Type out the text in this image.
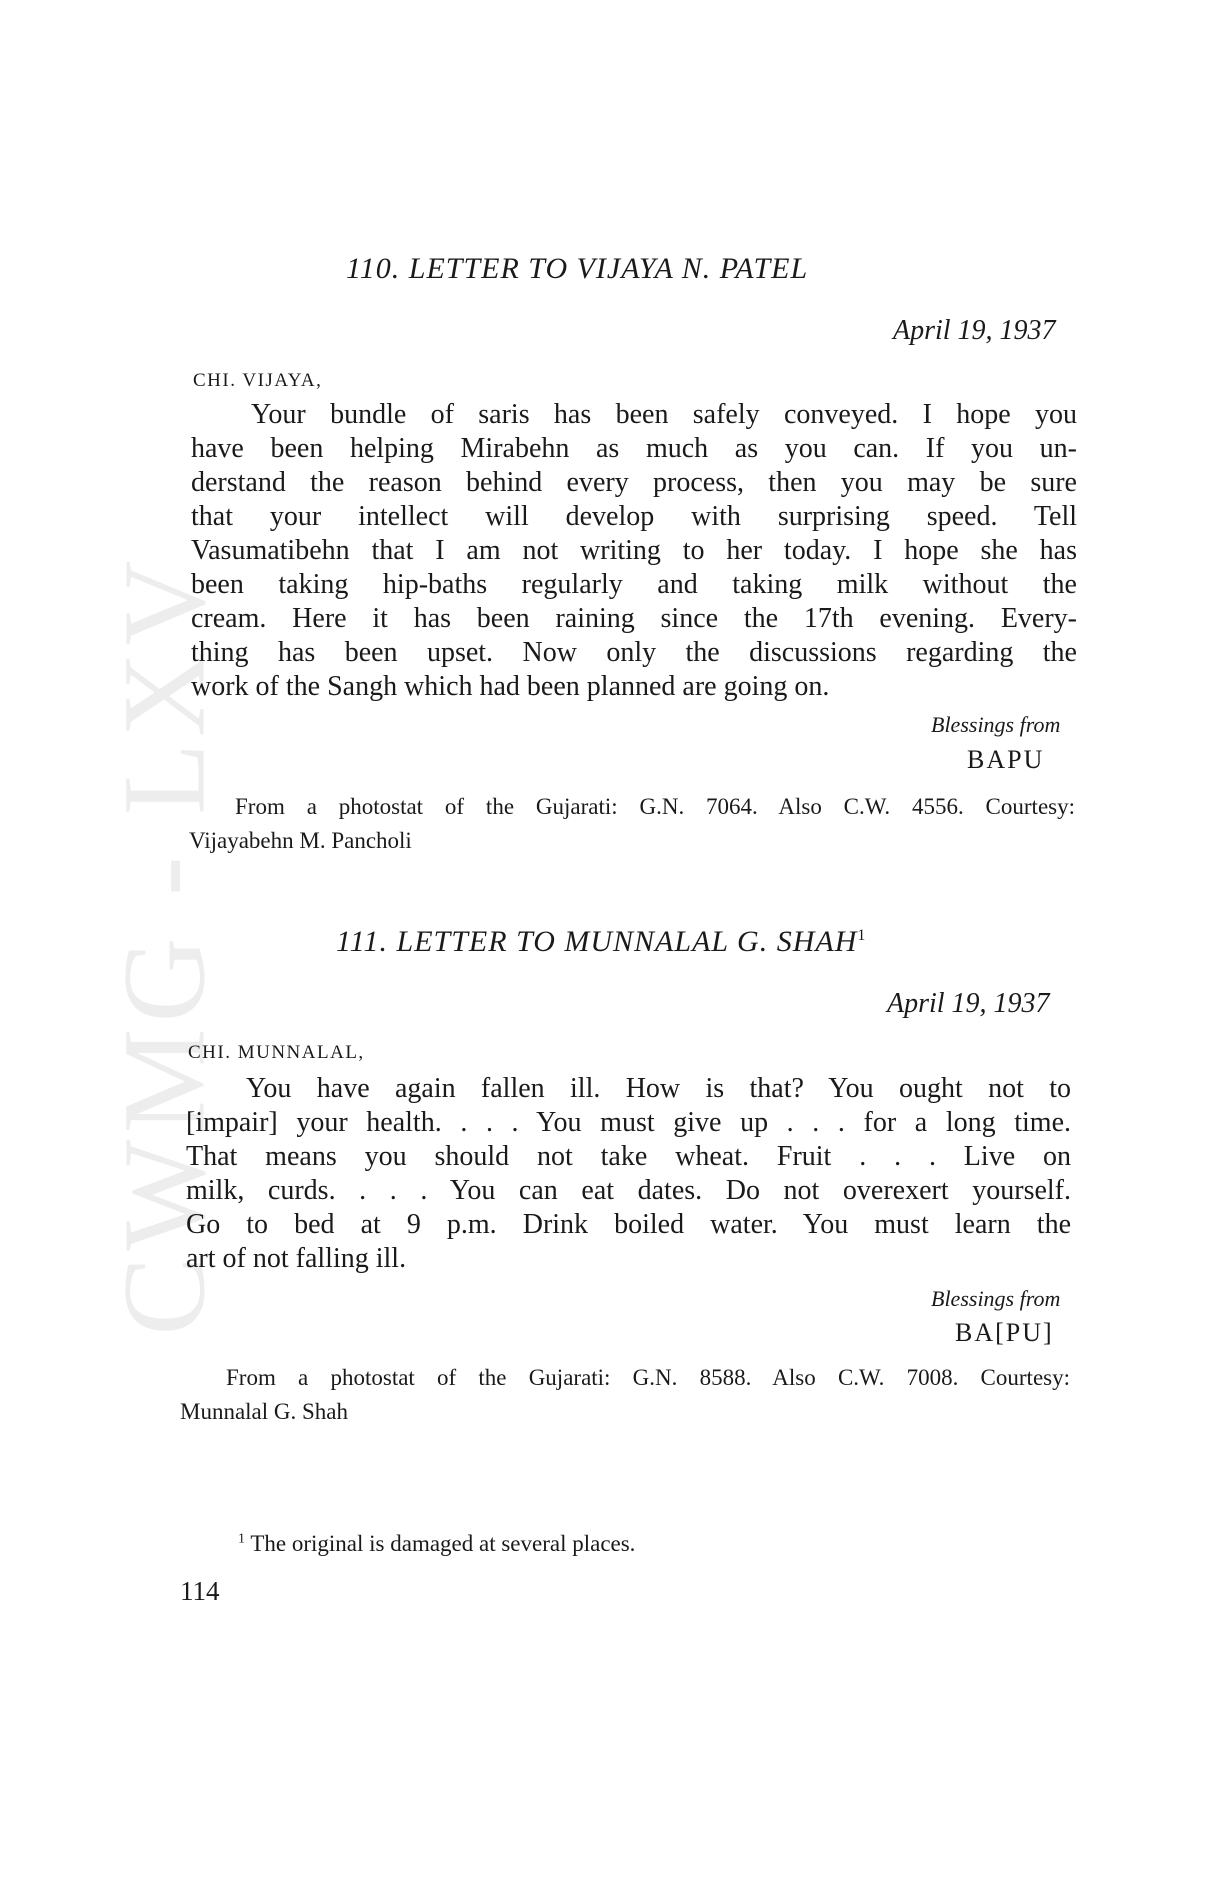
CWMG - LXV
110. LETTER TO VIJAYA N. PATEL
April 19, 1937
CHI. VIJAYA,
Your bundle of saris has been safely conveyed. I hope you
have been helping Mirabehn as much as you can. If you un-
derstand the reason behind every process, then you may be sure
that your intellect will develop with surprising speed. Tell
Vasumatibehn that I am not writing to her today. I hope she has
been taking hip-baths regularly and taking milk without the
cream. Here it has been raining since the 17th evening. Every-
thing has been upset. Now only the discussions regarding the
work of the Sangh which had been planned are going on.
Blessings from
BAPU
From a photostat of the Gujarati: G.N. 7064. Also C.W. 4556. Courtesy:
Vijayabehn M. Pancholi
111. LETTER TO MUNNALAL G. SHAH$^1$
April 19, 1937
CHI. MUNNALAL,
You have again fallen ill. How is that? You ought not to
[impair] your health. . . . You must give up . . . for a long time.
That means you should not take wheat. Fruit . . . Live on
milk, curds. . . . You can eat dates. Do not overexert yourself.
Go to bed at 9 p.m. Drink boiled water. You must learn the
art of not falling ill.
Blessings from
BA[PU]
From a photostat of the Gujarati: G.N. 8588. Also C.W. 7008. Courtesy:
Munnalal G. Shah
$^1$ The original is damaged at several places.
114
